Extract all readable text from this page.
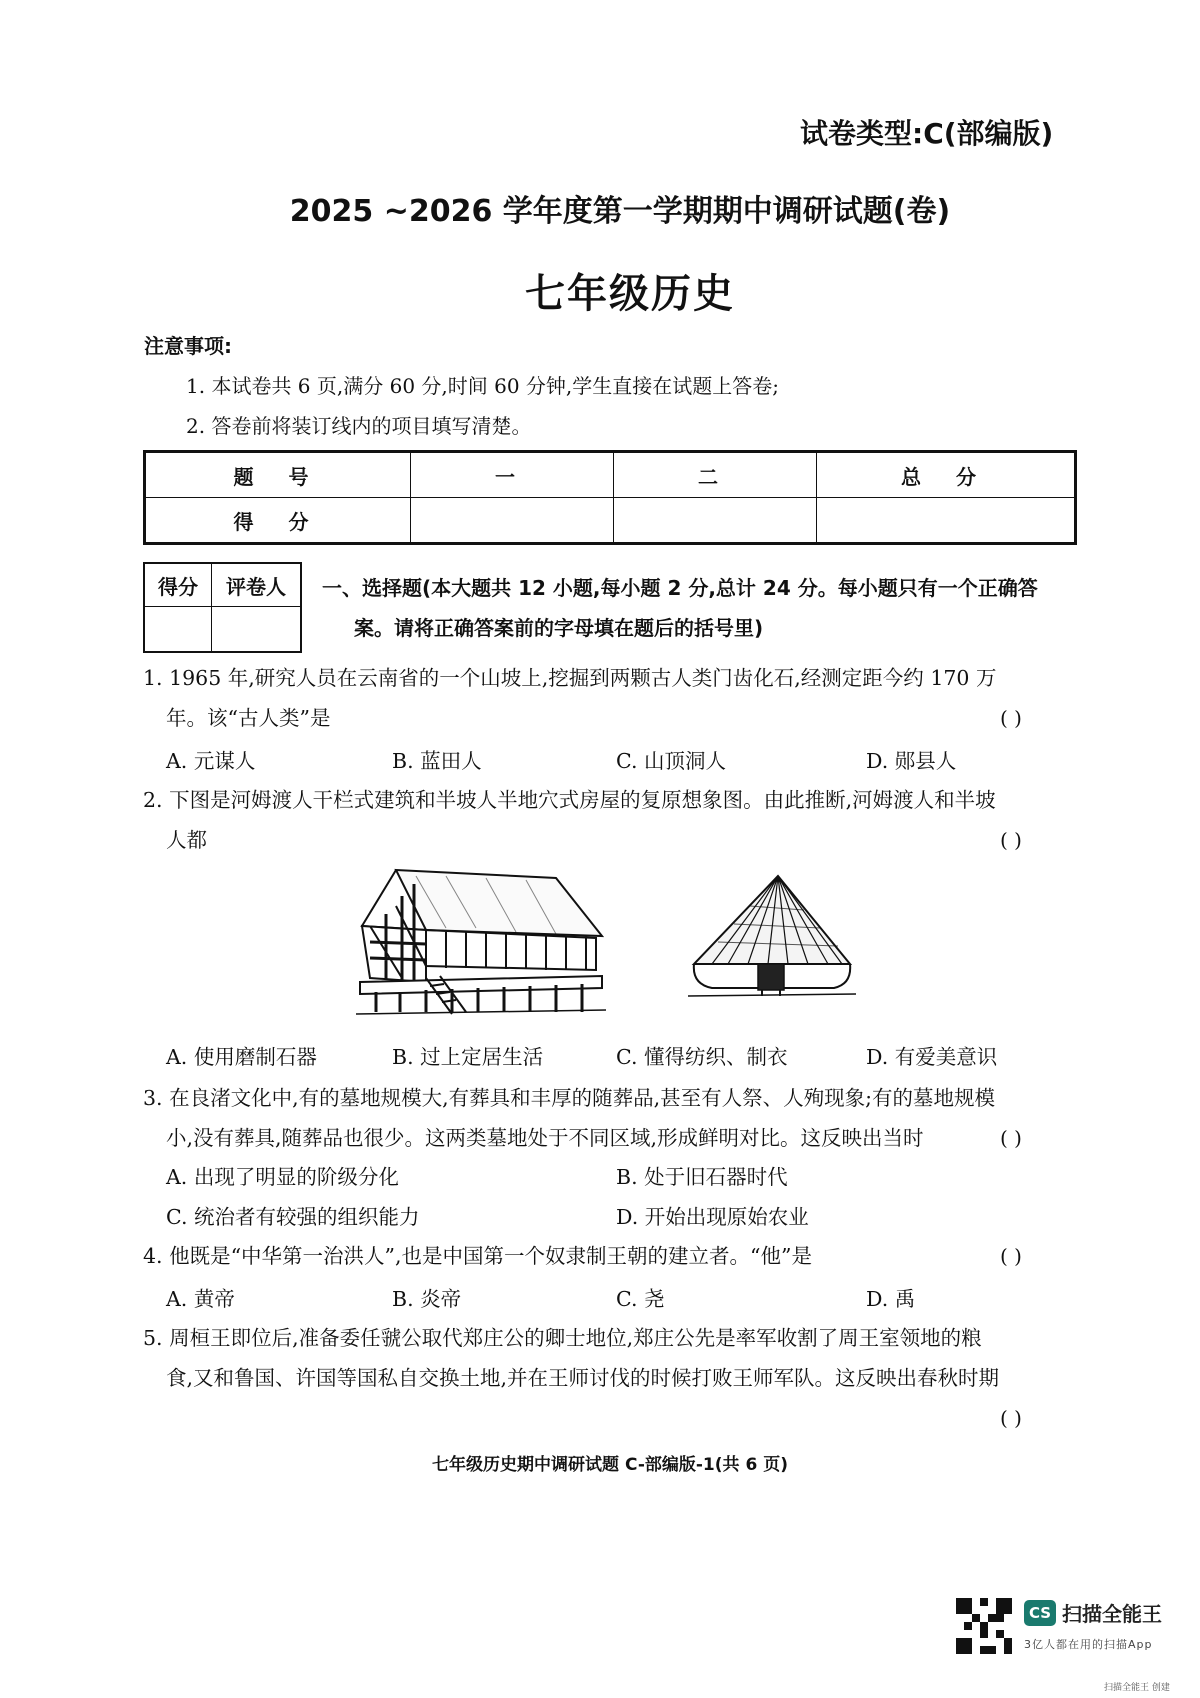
试卷类型:C(部编版)
2025 ~2026 学年度第一学期期中调研试题(卷)
七年级历史
注意事项:
1. 本试卷共 6 页,满分 60 分,时间 60 分钟,学生直接在试题上答卷;
2. 答卷前将装订线内的项目填写清楚。
题 号	一	二	总 分
得 分			
得分	评卷人
	一、选择题(本大题共 12 小题,每小题 2 分,总计 24 分。每小题只有一个正确答
案。请将正确答案前的字母填在题后的括号里)
1. 1965 年,研究人员在云南省的一个山坡上,挖掘到两颗古人类门齿化石,经测定距今约 170 万
年。该“古人类”是	( )
A. 元谋人	B. 蓝田人	C. 山顶洞人	D. 郧县人
2. 下图是河姆渡人干栏式建筑和半坡人半地穴式房屋的复原想象图。由此推断,河姆渡人和半坡
人都	( )
A. 使用磨制石器	B. 过上定居生活	C. 懂得纺织、制衣	D. 有爱美意识
3. 在良渚文化中,有的墓地规模大,有葬具和丰厚的随葬品,甚至有人祭、人殉现象;有的墓地规模
小,没有葬具,随葬品也很少。这两类墓地处于不同区域,形成鲜明对比。这反映出当时	( )
A. 出现了明显的阶级分化	B. 处于旧石器时代
C. 统治者有较强的组织能力	D. 开始出现原始农业
4. 他既是“中华第一治洪人”,也是中国第一个奴隶制王朝的建立者。“他”是	( )
A. 黄帝	B. 炎帝	C. 尧	D. 禹
5. 周桓王即位后,准备委任虢公取代郑庄公的卿士地位,郑庄公先是率军收割了周王室领地的粮
食,又和鲁国、许国等国私自交换土地,并在王师讨伐的时候打败王师军队。这反映出春秋时期
( )
七年级历史期中调研试题 C-部编版-1(共 6 页)
CS 扫描全能王
3亿人都在用的扫描App
扫描全能王 创建
